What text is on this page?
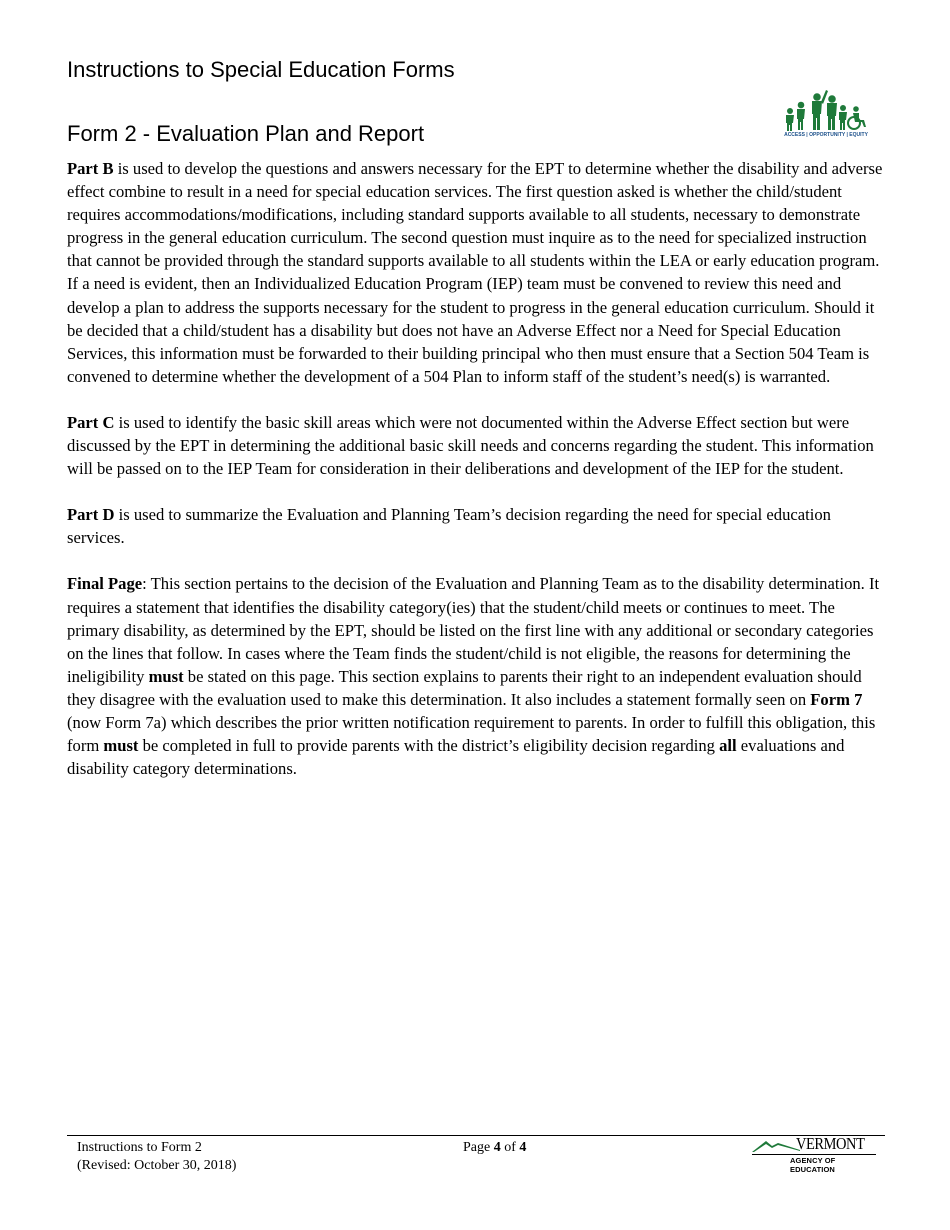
Instructions to Special Education Forms
Form 2 - Evaluation Plan and Report	ACCESS | OPPORTUNITY | EQUITY

Part B is used to develop the questions and answers necessary for the EPT to determine whether the disability and adverse effect combine to result in a need for special education services. The first question asked is whether the child/student requires accommodations/modifications, including standard supports available to all students, necessary to demonstrate progress in the general education curriculum. The second question must inquire as to the need for specialized instruction that cannot be provided through the standard supports available to all students within the LEA or early education program. If a need is evident, then an Individualized Education Program (IEP) team must be convened to review this need and develop a plan to address the supports necessary for the student to progress in the general education curriculum. Should it be decided that a child/student has a disability but does not have an Adverse Effect nor a Need for Special Education Services, this information must be forwarded to their building principal who then must ensure that a Section 504 Team is convened to determine whether the development of a 504 Plan to inform staff of the student’s need(s) is warranted.

Part C is used to identify the basic skill areas which were not documented within the Adverse Effect section but were discussed by the EPT in determining the additional basic skill needs and concerns regarding the student. This information will be passed on to the IEP Team for consideration in their deliberations and development of the IEP for the student.

Part D is used to summarize the Evaluation and Planning Team’s decision regarding the need for special education services.

Final Page: This section pertains to the decision of the Evaluation and Planning Team as to the disability determination. It requires a statement that identifies the disability category(ies) that the student/child meets or continues to meet. The primary disability, as determined by the EPT, should be listed on the first line with any additional or secondary categories on the lines that follow. In cases where the Team finds the student/child is not eligible, the reasons for determining the ineligibility must be stated on this page. This section explains to parents their right to an independent evaluation should they disagree with the evaluation used to make this determination. It also includes a statement formally seen on Form 7 (now Form 7a) which describes the prior written notification requirement to parents. In order to fulfill this obligation, this form must be completed in full to provide parents with the district’s eligibility decision regarding all evaluations and disability category determinations.

Instructions to Form 2
(Revised: October 30, 2018)
Page 4 of 4	VERMONT
AGENCY OF EDUCATION
